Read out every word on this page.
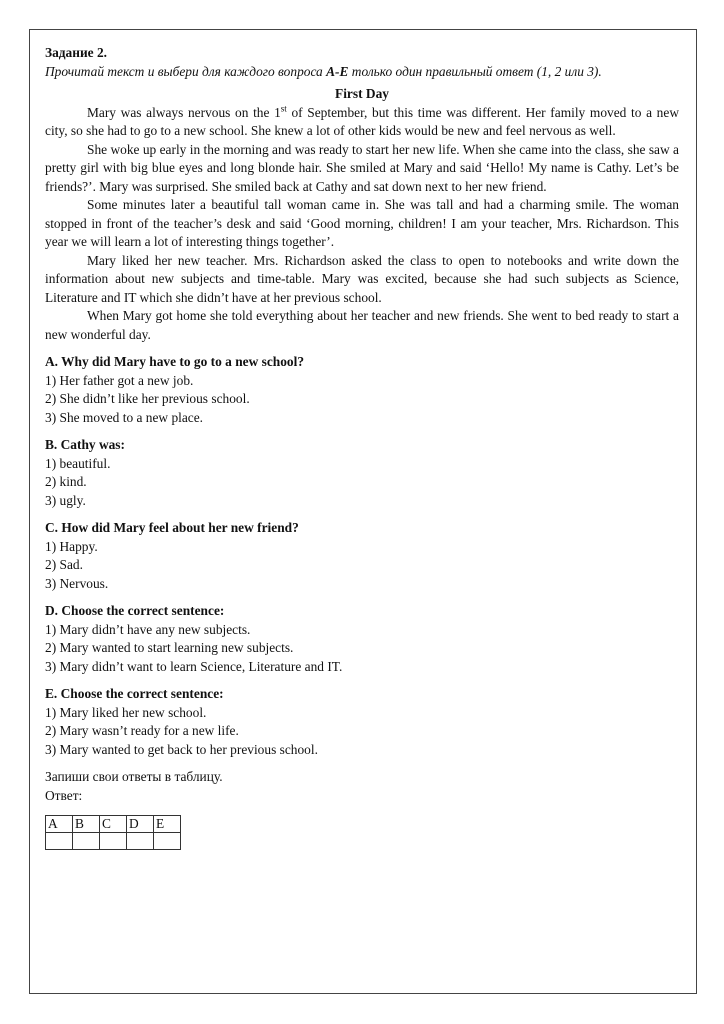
Задание 2.
Прочитай текст и выбери для каждого вопроса A-E только один правильный ответ (1, 2 или 3).
First Day

Mary was always nervous on the 1st of September, but this time was different. Her family moved to a new city, so she had to go to a new school. She knew a lot of other kids would be new and feel nervous as well.

She woke up early in the morning and was ready to start her new life. When she came into the class, she saw a pretty girl with big blue eyes and long blonde hair. She smiled at Mary and said ‘Hello! My name is Cathy. Let’s be friends?’. Mary was surprised. She smiled back at Cathy and sat down next to her new friend.

Some minutes later a beautiful tall woman came in. She was tall and had a charming smile. The woman stopped in front of the teacher’s desk and said ‘Good morning, children! I am your teacher, Mrs. Richardson. This year we will learn a lot of interesting things together’.

Mary liked her new teacher. Mrs. Richardson asked the class to open to notebooks and write down the information about new subjects and time-table. Mary was excited, because she had such subjects as Science, Literature and IT which she didn’t have at her previous school.

When Mary got home she told everything about her teacher and new friends. She went to bed ready to start a new wonderful day.

A. Why did Mary have to go to a new school?
1) Her father got a new job.
2) She didn’t like her previous school.
3) She moved to a new place.
B. Cathy was:
1) beautiful.
2) kind.
3) ugly.
C. How did Mary feel about her new friend?
1) Happy.
2) Sad.
3) Nervous.
D. Choose the correct sentence:
1) Mary didn’t have any new subjects.
2) Mary wanted to start learning new subjects.
3) Mary didn’t want to learn Science, Literature and IT.
E. Choose the correct sentence:
1) Mary liked her new school.
2) Mary wasn’t ready for a new life.
3) Mary wanted to get back to her previous school.
Запиши свои ответы в таблицу.
Ответ:
A	B	C	D	E
